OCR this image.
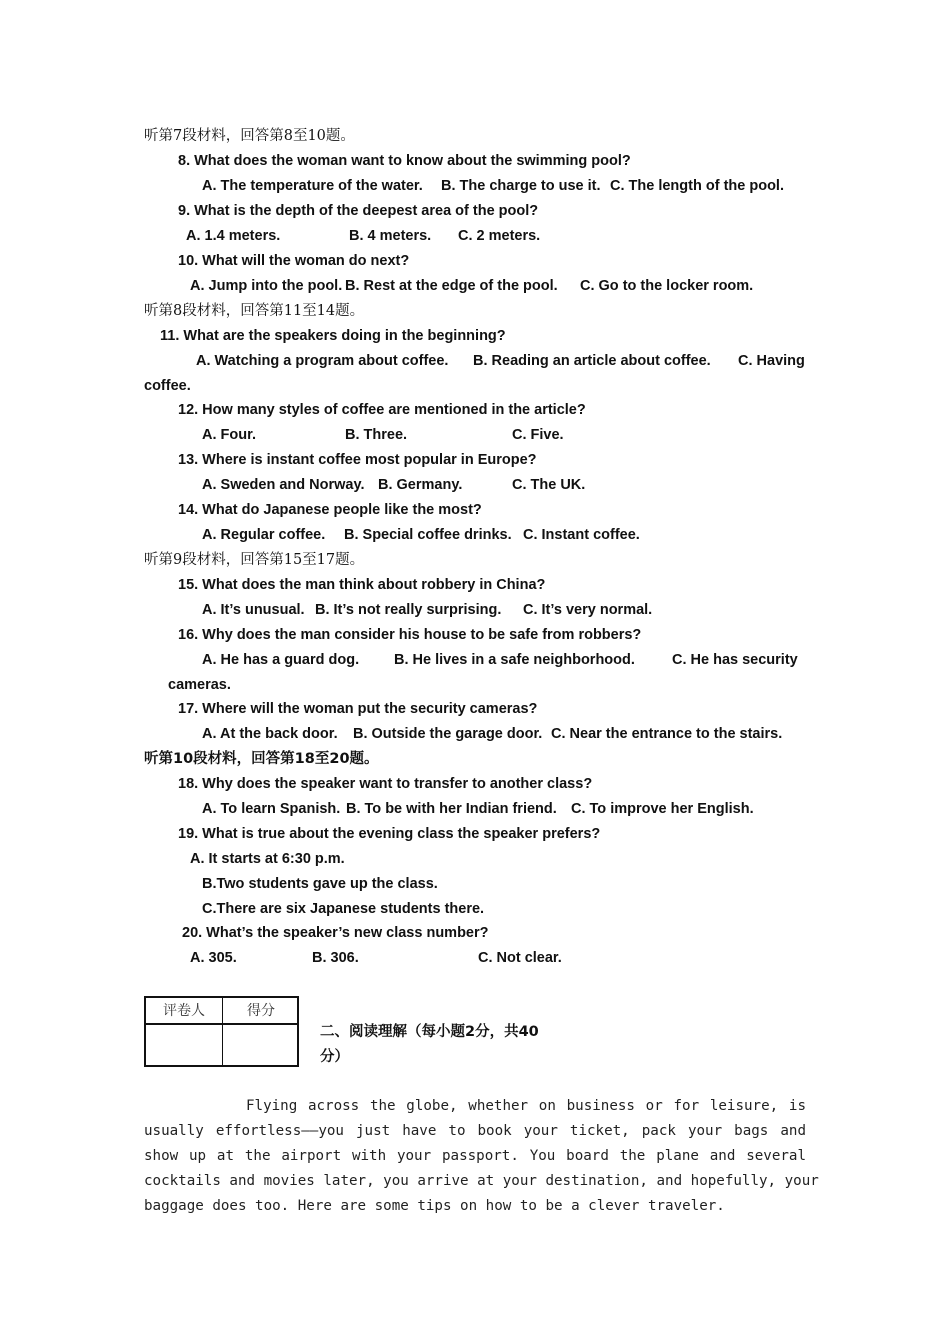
听第7段材料，回答第8至10题。
8. What does the woman want to know about the swimming pool?
A. The temperature of the water. B. The charge to use it. C. The length of the pool.
9. What is the depth of the deepest area of the pool?
A. 1.4 meters.	B. 4 meters. C. 2 meters.
10. What will the woman do next?
A. Jump into the pool. B. Rest at the edge of the pool. C. Go to the locker room.
听第8段材料，回答第11至14题。
11. What are the speakers doing in the beginning?
A. Watching a program about coffee. B. Reading an article about coffee. C. Having
coffee.
12. How many styles of coffee are mentioned in the article?
A. Four.	B. Three.	C. Five.
13. Where is instant coffee most popular in Europe?
A. Sweden and Norway. B. Germany.	C. The UK.
14. What do Japanese people like the most?
A. Regular coffee. B. Special coffee drinks. C. Instant coffee.
听第9段材料，回答第15至17题。
15. What does the man think about robbery in China?
A. It’s unusual. B. It’s not really surprising. C. It’s very normal.
16. Why does the man consider his house to be safe from robbers?
A. He has a guard dog. B. He lives in a safe neighborhood.	C. He has security
cameras.
17. Where will the woman put the security cameras?
A. At the back door. B. Outside the garage door. C. Near the entrance to the stairs.
听第10段材料，回答第18至20题。
18. Why does the speaker want to transfer to another class?
A. To learn Spanish. B. To be with her Indian friend. C. To improve her English.
19. What is true about the evening class the speaker prefers?
A. It starts at 6:30 p.m.
B.Two students gave up the class.
C.There are six Japanese students there.
20. What’s the speaker’s new class number?
A. 305.	B. 306.	C. Not clear.
评卷人	得分
二、阅读理解（每小题2分，共40
分）
Flying across the globe, whether on business or for leisure, is
usually effortless——you just have to book your ticket, pack your bags and
show up at the airport with your passport. You board the plane and several
cocktails and movies later, you arrive at your destination, and hopefully, your
baggage does too. Here are some tips on how to be a clever traveler.
